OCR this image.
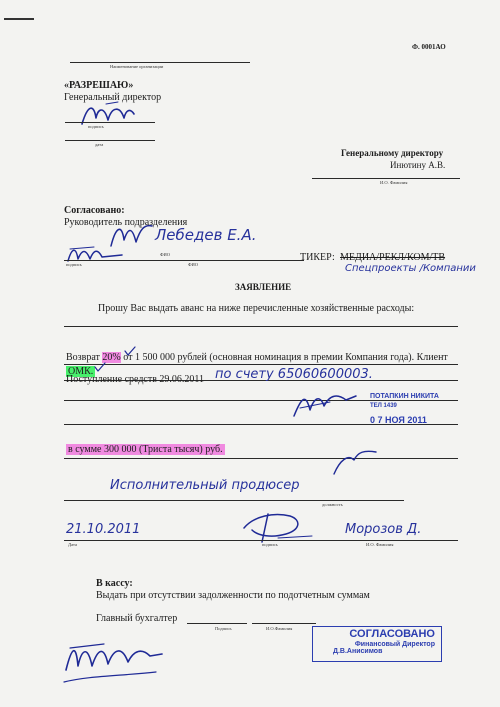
Ф. 0001АО
Наименование организации
«РАЗРЕШАЮ»
Генеральный директор
подпись
дата
Генеральному директору
Инютину А.В.
И.О. Фамилия
Согласовано:
Руководитель подразделения
Лебедев Е.А.
подпись	ФИО
ФИО	ТИКЕР: МЕДИА/РЕКЛ/КОМ/ТВ
Спецпроекты /Компании
ЗАЯВЛЕНИЕ
Прошу Вас выдать аванс на ниже перечисленные хозяйственные расходы:
Возврат 20% от 1 500 000 рублей (основная номинация в премии Компания года). Клиент
ОМК.
Поступление средств 29.06.2011 по счету 65060600003.
ПОТАПКИН НИКИТА
ТЕЛ 1439
0 7 НОЯ 2011
в сумме 300 000 (Триста тысяч) руб.
Исполнительный продюсер
должность
21.10.2011	Морозов Д.
Дата	подпись	И.О. Фамилия
В кассу:
Выдать при отсутствии задолженности по подотчетным суммам
Главный бухгалтер
Подпись	И.О.Фамилия	СОГЛАСОВАНО
Финансовый Директор
Д.В.Анисимов
